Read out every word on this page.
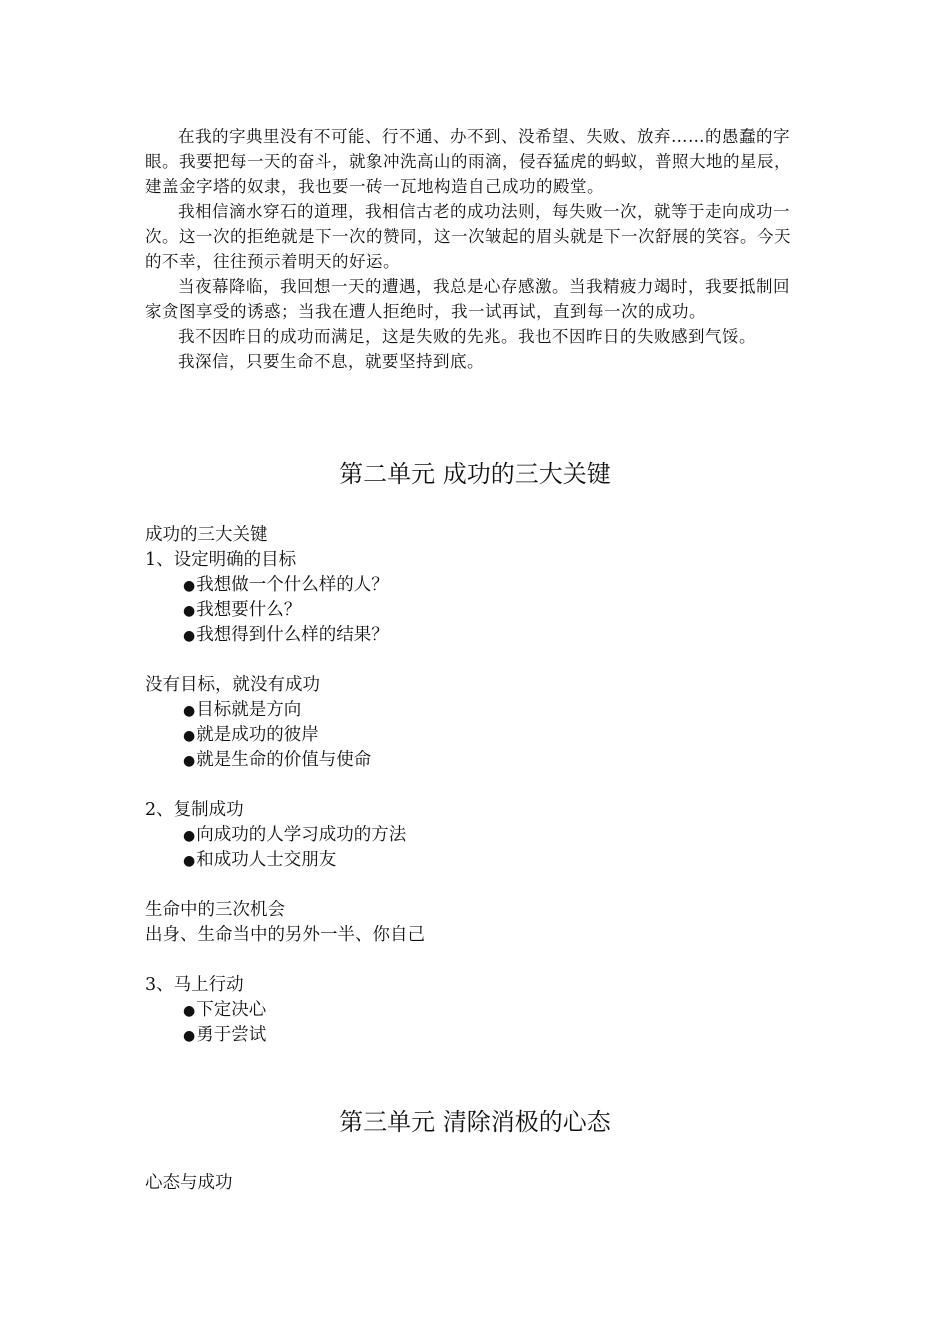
在我的字典里没有不可能、行不通、办不到、没希望、失败、放弃……的愚蠢的字眼。我要把每一天的奋斗，就象冲洗高山的雨滴，侵吞猛虎的蚂蚁，普照大地的星辰，建盖金字塔的奴隶，我也要一砖一瓦地构造自己成功的殿堂。

我相信滴水穿石的道理，我相信古老的成功法则，每失败一次，就等于走向成功一次。这一次的拒绝就是下一次的赞同，这一次皱起的眉头就是下一次舒展的笑容。今天的不幸，往往预示着明天的好运。

当夜幕降临，我回想一天的遭遇，我总是心存感激。当我精疲力竭时，我要抵制回家贪图享受的诱惑；当我在遭人拒绝时，我一试再试，直到每一次的成功。

我不因昨日的成功而满足，这是失败的先兆。我也不因昨日的失败感到气馁。

我深信，只要生命不息，就要坚持到底。

第二单元 成功的三大关键
成功的三大关键
1、设定明确的目标
● 我想做一个什么样的人？
● 我想要什么？
● 我想得到什么样的结果？
没有目标，就没有成功
● 目标就是方向
● 就是成功的彼岸
● 就是生命的价值与使命
2、复制成功
● 向成功的人学习成功的方法
● 和成功人士交朋友
生命中的三次机会
出身、生命当中的另外一半、你自己
3、马上行动
● 下定决心
● 勇于尝试
第三单元 清除消极的心态
心态与成功
